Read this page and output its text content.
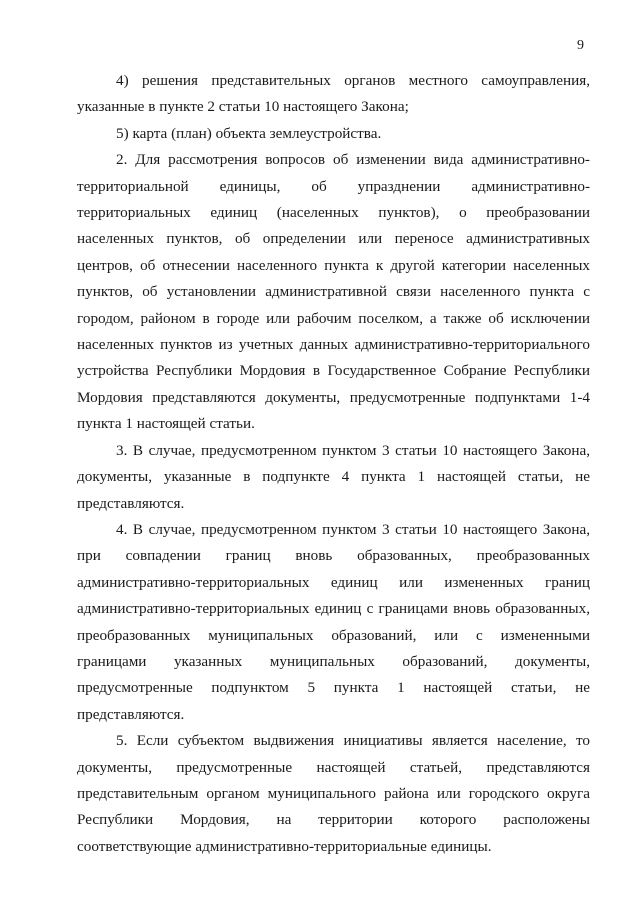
9

4) решения представительных органов местного самоуправления, указанные в пункте 2 статьи 10 настоящего Закона;

5) карта (план) объекта землеустройства.

2. Для рассмотрения вопросов об изменении вида административно-территориальной единицы, об упразднении административно-территориальных единиц (населенных пунктов), о преобразовании населенных пунктов, об определении или переносе административных центров, об отнесении населенного пункта к другой категории населенных пунктов, об установлении административной связи населенного пункта с городом, районом в городе или рабочим поселком, а также об исключении населенных пунктов из учетных данных административно-территориального устройства Республики Мордовия в Государственное Собрание Республики Мордовия представляются документы, предусмотренные подпунктами 1-4 пункта 1 настоящей статьи.

3. В случае, предусмотренном пунктом 3 статьи 10 настоящего Закона, документы, указанные в подпункте 4 пункта 1 настоящей статьи, не представляются.

4. В случае, предусмотренном пунктом 3 статьи 10 настоящего Закона, при совпадении границ вновь образованных, преобразованных административно-территориальных единиц или измененных границ административно-территориальных единиц с границами вновь образованных, преобразованных муниципальных образований, или с измененными границами указанных муниципальных образований, документы, предусмотренные подпунктом 5 пункта 1 настоящей статьи, не представляются.

5. Если субъектом выдвижения инициативы является население, то документы, предусмотренные настоящей статьей, представляются представительным органом муниципального района или городского округа Республики Мордовия, на территории которого расположены соответствующие административно-территориальные единицы.
